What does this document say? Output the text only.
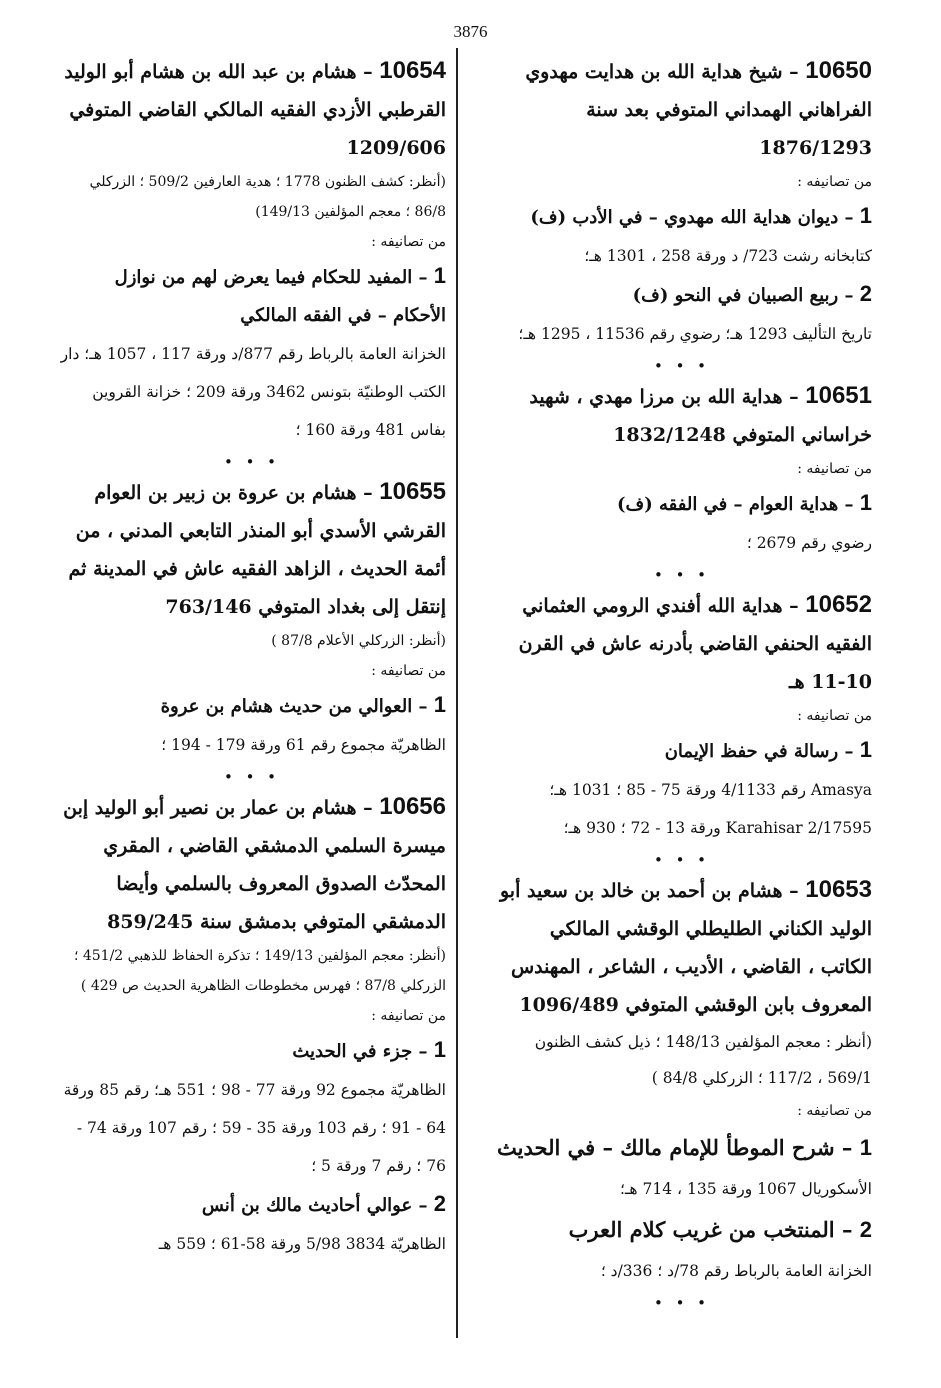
3876

10650 – شيخ هداية الله بن هدايت مهدوي الفراهاني الهمداني المتوفي بعد سنة 1876/1293

من تصانيفه :

1 – ديوان هداية الله مهدوي – في الأدب (ف)

كتابخانه رشت 723/ د ورقة 258 ، 1301 هـ؛

2 – ربيع الصبيان في النحو (ف)

تاريخ التأليف 1293 هـ؛ رضوي رقم 11536 ، 1295 هـ؛

• • •

10651 – هداية الله بن مرزا مهدي ، شهيد خراساني المتوفي 1832/1248

من تصانيفه :

1 – هداية العوام – في الفقه (ف)

رضوي رقم 2679 ؛

• • •

10652 – هداية الله أفندي الرومي العثماني الفقيه الحنفي القاضي بأدرنه عاش في القرن 10-11 هـ

من تصانيفه :

1 – رسالة في حفظ الإيمان

Amasya رقم 4/1133 ورقة 75 - 85 ؛ 1031 هـ؛ Karahisar 2/17595 ورقة 13 - 72 ؛ 930 هـ؛

• • •

10653 – هشام بن أحمد بن خالد بن سعيد أبو الوليد الكناني الطليطلي الوقشي المالكي الكاتب ، القاضي ، الأديب ، الشاعر ، المهندس المعروف بابن الوقشي المتوفي 1096/489

(أنظر : معجم المؤلفين 148/13 ؛ ذيل كشف الظنون 569/1 ، 117/2 ؛ الزركلي 84/8 )

من تصانيفه :

1 – شرح الموطأ للإمام مالك – في الحديث

الأسكوريال 1067 ورقة 135 ، 714 هـ؛

2 – المنتخب من غريب كلام العرب

الخزانة العامة بالرباط رقم 78/د ؛ 336/د ؛

• • •

10654 – هشام بن عبد الله بن هشام أبو الوليد القرطبي الأزدي الفقيه المالكي القاضي المتوفي 1209/606

(أنظر: كشف الظنون 1778 ؛ هدية العارفين 509/2 ؛ الزركلي 86/8 ؛ معجم المؤلفين 149/13)

من تصانيفه :

1 – المفيد للحكام فيما يعرض لهم من نوازل الأحكام – في الفقه المالكي

الخزانة العامة بالرباط رقم 877/د ورقة 117 ، 1057 هـ؛ دار الكتب الوطنيّة بتونس 3462 ورقة 209 ؛ خزانة القروين بفاس 481 ورقة 160 ؛

• • •

10655 – هشام بن عروة بن زبير بن العوام القرشي الأسدي أبو المنذر التابعي المدني ، من أئمة الحديث ، الزاهد الفقيه عاش في المدينة ثم إنتقل إلى بغداد المتوفي 763/146

(أنظر: الزركلي الأعلام 87/8 )

من تصانيفه :

1 – العوالي من حديث هشام بن عروة

الظاهريّة مجموع رقم 61 ورقة 179 - 194 ؛

• • •

10656 – هشام بن عمار بن نصير أبو الوليد إبن ميسرة السلمي الدمشقي القاضي ، المقري المحدّث الصدوق المعروف بالسلمي وأيضا الدمشقي المتوفي بدمشق سنة 859/245

(أنظر: معجم المؤلفين 149/13 ؛ تذكرة الحفاظ للذهبي 451/2 ؛ الزركلي 87/8 ؛ فهرس مخطوطات الظاهرية الحديث ص 429 )

من تصانيفه :

1 – جزء في الحديث

الظاهريّة مجموع 92 ورقة 77 - 98 ؛ 551 هـ؛ رقم 85 ورقة 64 - 91 ؛ رقم 103 ورقة 35 - 59 ؛ رقم 107 ورقة 74 - 76 ؛ رقم 7 ورقة 5 ؛

2 – عوالي أحاديث مالك بن أنس

الظاهريّة 3834 5/98 ورقة 58-61 ؛ 559 هـ
